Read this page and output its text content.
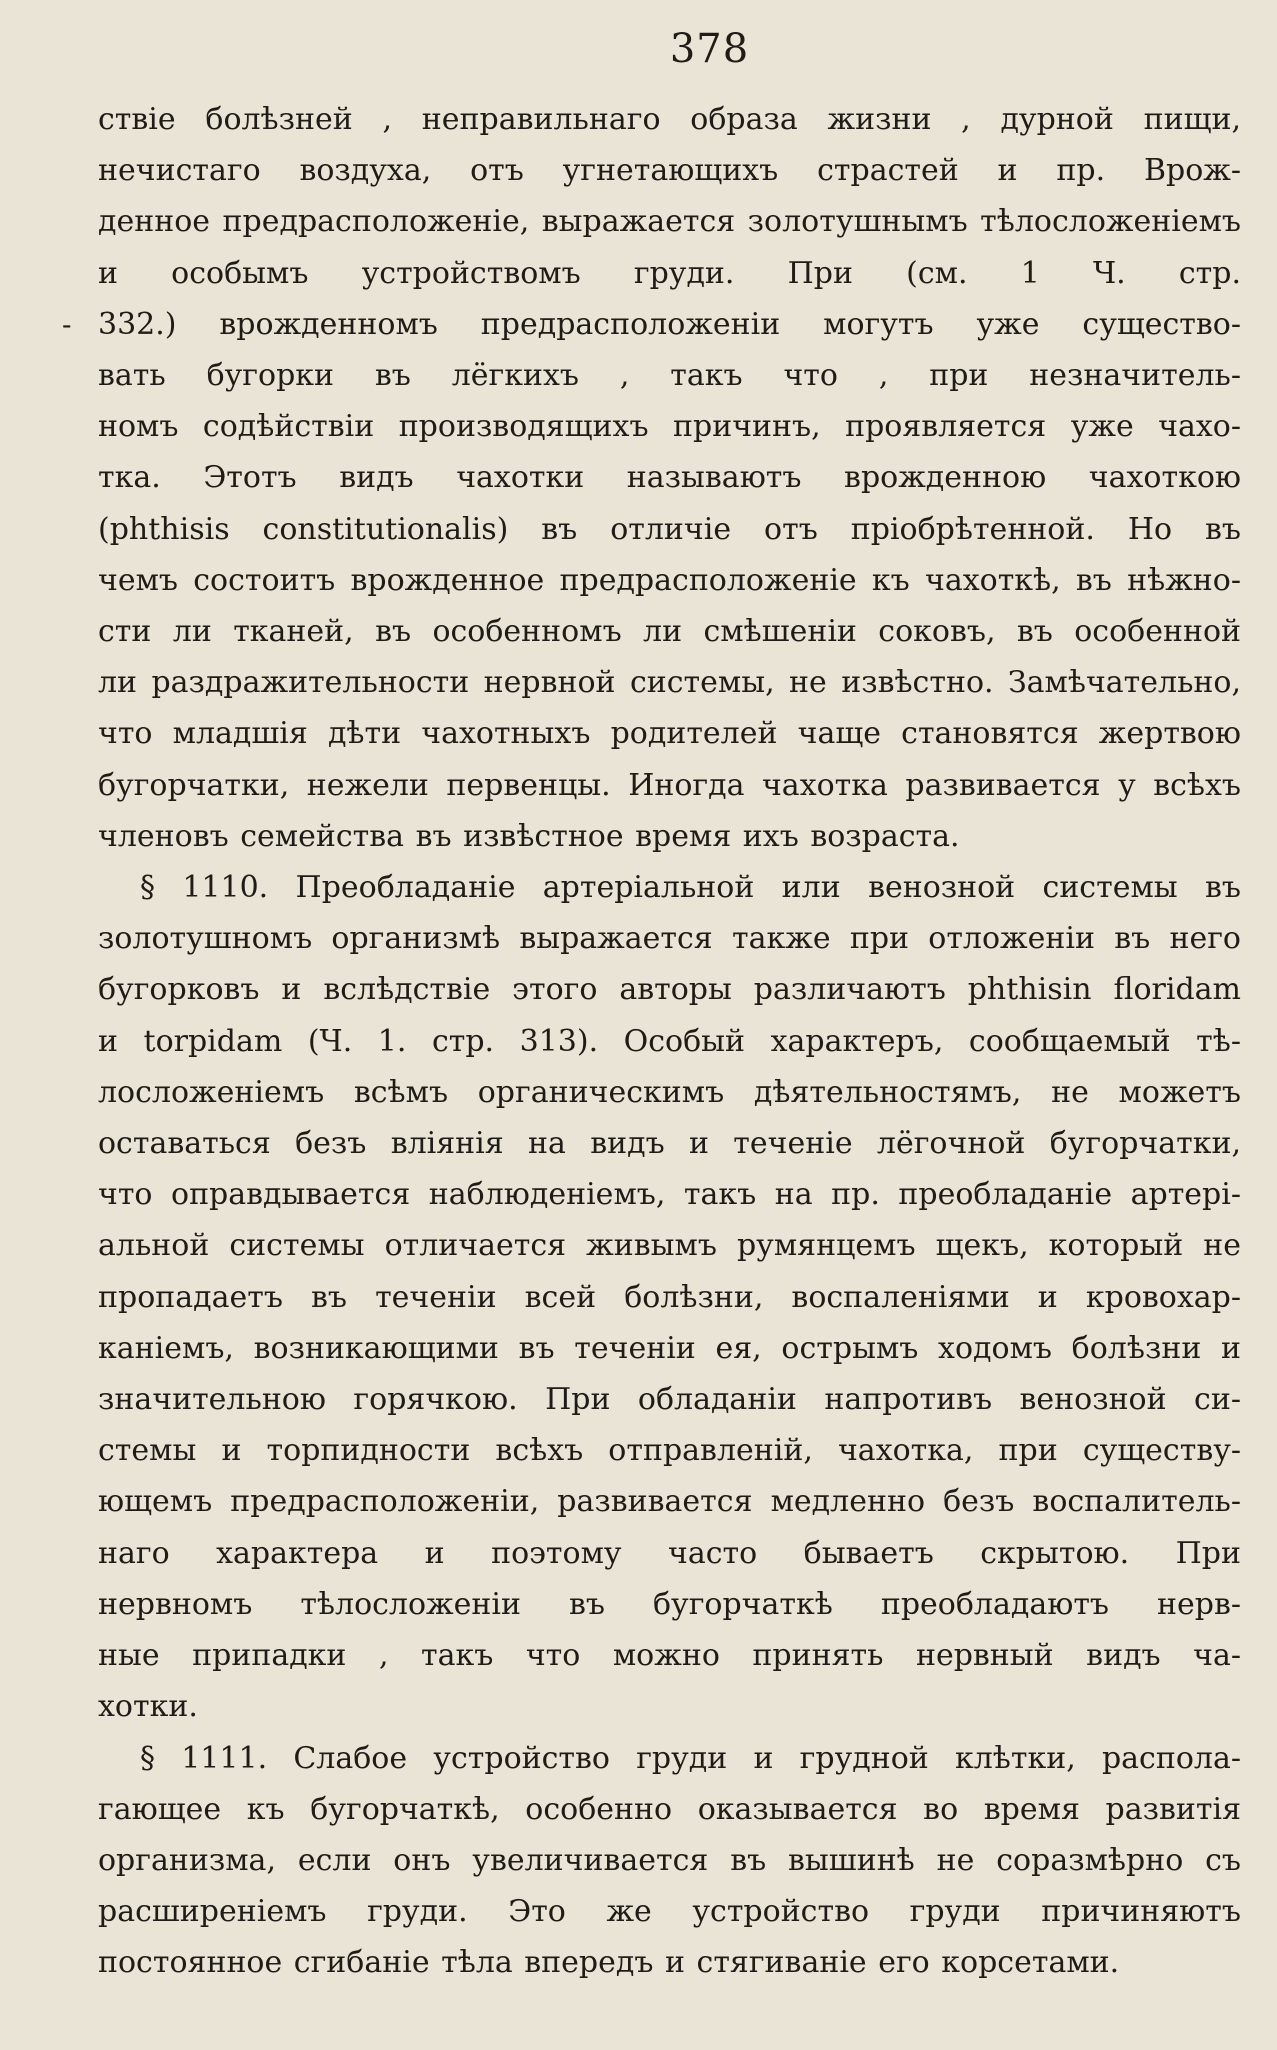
378
-
ствіе болѣзней , неправильнаго образа жизни , дурной пищи,
нечистаго воздуха, отъ угнетающихъ страстей и пр. Врож-
денное предрасположеніе, выражается золотушнымъ тѣлосложеніемъ
и особымъ устройствомъ груди. При (см. 1 Ч. стр.
332.) врожденномъ предрасположеніи могутъ уже существо-
вать бугорки въ лёгкихъ , такъ что , при незначитель-
номъ содѣйствіи производящихъ причинъ, проявляется уже чахо-
тка. Этотъ видъ чахотки называютъ врожденною чахоткою
(phthisis constitutionalis) въ отличіе отъ пріобрѣтенной. Но въ
чемъ состоитъ врожденное предрасположеніе къ чахоткѣ, въ нѣжно-
сти ли тканей, въ особенномъ ли смѣшеніи соковъ, въ особенной
ли раздражительности нервной системы, не извѣстно. Замѣчательно,
что младшія дѣти чахотныхъ родителей чаще становятся жертвою
бугорчатки, нежели первенцы. Иногда чахотка развивается у всѣхъ
членовъ семейства въ извѣстное время ихъ возраста.
§ 1110. Преобладаніе артеріальной или венозной системы въ
золотушномъ организмѣ выражается также при отложеніи въ него
бугорковъ и вслѣдствіе этого авторы различаютъ phthisin floridam
и torpidam (Ч. 1. стр. 313). Особый характеръ, сообщаемый тѣ-
лосложеніемъ всѣмъ органическимъ дѣятельностямъ, не можетъ
оставаться безъ вліянія на видъ и теченіе лёгочной бугорчатки,
что оправдывается наблюденіемъ, такъ на пр. преобладаніе артері-
альной системы отличается живымъ румянцемъ щекъ, который не
пропадаетъ въ теченіи всей болѣзни, воспаленіями и кровохар-
каніемъ, возникающими въ теченіи ея, острымъ ходомъ болѣзни и
значительною горячкою. При обладаніи напротивъ венозной си-
стемы и торпидности всѣхъ отправленій, чахотка, при существу-
ющемъ предрасположеніи, развивается медленно безъ воспалитель-
наго характера и поэтому часто бываетъ скрытою. При
нервномъ тѣлосложеніи въ бугорчаткѣ преобладаютъ нерв-
ные припадки , такъ что можно принять нервный видъ ча-
хотки.
§ 1111. Слабое устройство груди и грудной клѣтки, распола-
гающее къ бугорчаткѣ, особенно оказывается во время развитія
организма, если онъ увеличивается въ вышинѣ не соразмѣрно съ
расширеніемъ груди. Это же устройство груди причиняютъ
постоянное сгибаніе тѣла впередъ и стягиваніе его корсетами.
